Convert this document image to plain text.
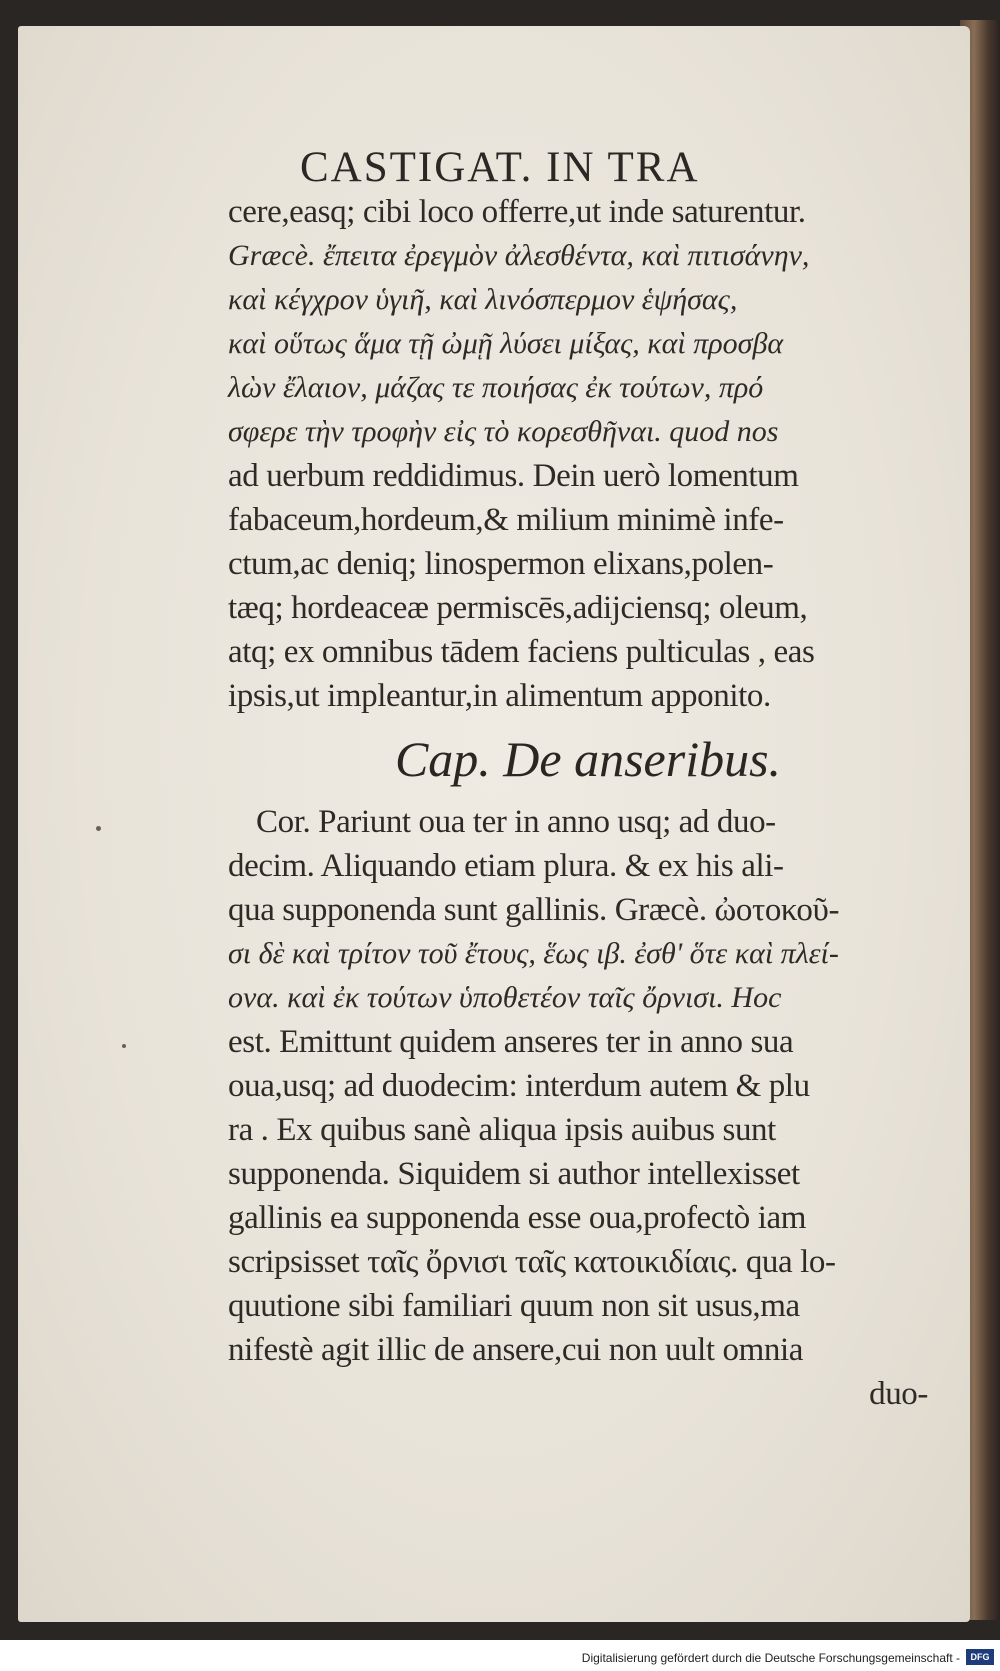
CASTIGAT. IN TRA
cere,easq; cibi loco offerre,ut inde saturentur.
Græcè. ἔπειτα ἐρεγμὸν ἀλεσθέντα, καὶ πιτισάνην,
καὶ κέγχρον ὑγιῆ, καὶ λινόσπερμον ἑψήσας,
καὶ οὕτως ἅμα τῇ ὠμῇ λύσει μίξας, καὶ προσβα
λὼν ἔλαιον, μάζας τε ποιήσας ἐκ τούτων, πρό
σφερε τὴν τροφὴν εἰς τὸ κορεσθῆναι. quod nos
ad uerbum reddidimus. Dein uerò lomentum
fabaceum,hordeum,& milium minimè infe-
ctum,ac deniq; linospermon elixans,polen-
tæq; hordeaceæ permiscēs,adijciensq; oleum,
atq; ex omnibus tādem faciens pulticulas , eas
ipsis,ut impleantur,in alimentum apponito.
Cap. De anseribus.
Cor. Pariunt oua ter in anno usq; ad duo-
decim. Aliquando etiam plura. & ex his ali-
qua supponenda sunt gallinis. Græcè. ὠοτοκοῦ-
σι δὲ καὶ τρίτον τοῦ ἔτους, ἕως ιβ. ἐσθ' ὅτε καὶ πλεί-
ονα. καὶ ἐκ τούτων ὑποθετέον ταῖς ὄρνισι. Hoc
est. Emittunt quidem anseres ter in anno sua
oua,usq; ad duodecim: interdum autem & plu
ra . Ex quibus sanè aliqua ipsis auibus sunt
supponenda. Siquidem si author intellexisset
gallinis ea supponenda esse oua,profectò iam
scripsisset ταῖς ὄρνισι ταῖς κατοικιδίαις. qua lo-
quutione sibi familiari quum non sit usus,ma
nifestè agit illic de ansere,cui non uult omnia
duo-
Digitalisierung gefördert durch die Deutsche Forschungsgemeinschaft -	DFG
